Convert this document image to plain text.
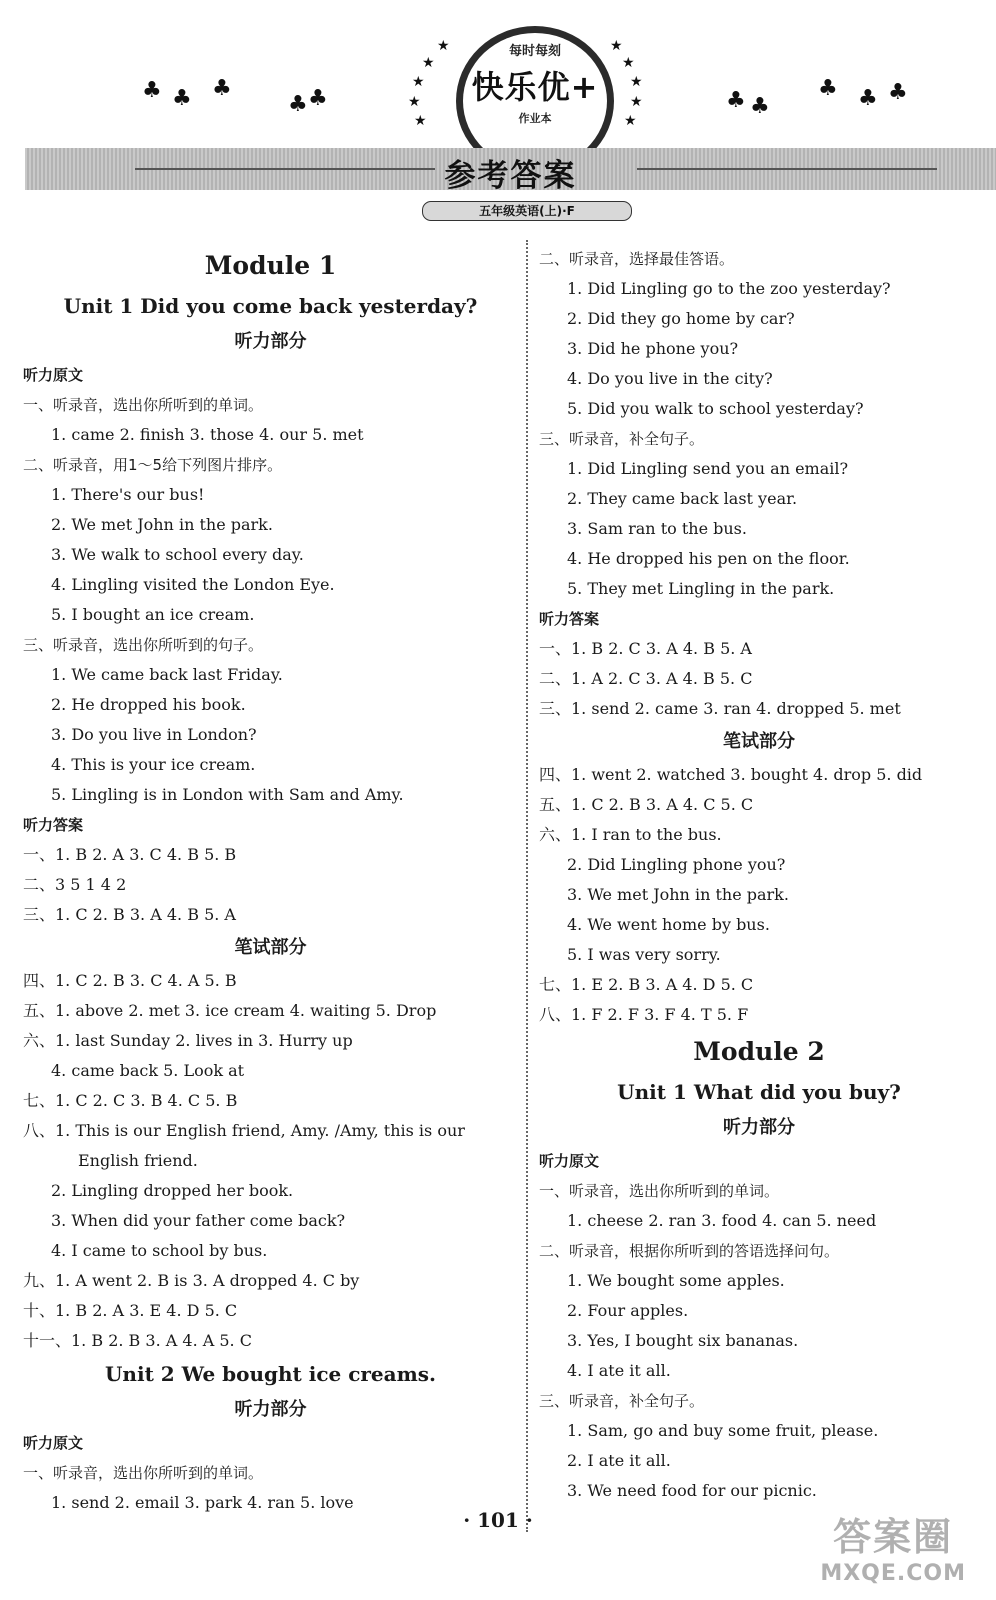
♣ ♣ ♣
♣ ♣	♣ ♣
♣ ♣ ♣
★
★
★
★
★
★
★
★
★
★
每时每刻
快乐优+
作业本
参考答案
五年级英语(上)·F
Module 1
Unit 1 Did you come back yesterday?
听力部分
听力原文
一、听录音，选出你所听到的单词。
1. came 2. finish 3. those 4. our 5. met
二、听录音，用1～5给下列图片排序。
1. There's our bus!
2. We met John in the park.
3. We walk to school every day.
4. Lingling visited the London Eye.
5. I bought an ice cream.
三、听录音，选出你所听到的句子。
1. We came back last Friday.
2. He dropped his book.
3. Do you live in London?
4. This is your ice cream.
5. Lingling is in London with Sam and Amy.
听力答案
一、1. B 2. A 3. C 4. B 5. B
二、3 5 1 4 2
三、1. C 2. B 3. A 4. B 5. A
笔试部分
四、1. C 2. B 3. C 4. A 5. B
五、1. above 2. met 3. ice cream 4. waiting 5. Drop
六、1. last Sunday 2. lives in 3. Hurry up
4. came back 5. Look at
七、1. C 2. C 3. B 4. C 5. B
八、1. This is our English friend, Amy. /Amy, this is our
English friend.
2. Lingling dropped her book.
3. When did your father come back?
4. I came to school by bus.
九、1. A went 2. B is 3. A dropped 4. C by
十、1. B 2. A 3. E 4. D 5. C
十一、1. B 2. B 3. A 4. A 5. C
Unit 2 We bought ice creams.
听力部分
听力原文
一、听录音，选出你所听到的单词。
1. send 2. email 3. park 4. ran 5. love
二、听录音，选择最佳答语。
1. Did Lingling go to the zoo yesterday?
2. Did they go home by car?
3. Did he phone you?
4. Do you live in the city?
5. Did you walk to school yesterday?
三、听录音，补全句子。
1. Did Lingling send you an email?
2. They came back last year.
3. Sam ran to the bus.
4. He dropped his pen on the floor.
5. They met Lingling in the park.
听力答案
一、1. B 2. C 3. A 4. B 5. A
二、1. A 2. C 3. A 4. B 5. C
三、1. send 2. came 3. ran 4. dropped 5. met
笔试部分
四、1. went 2. watched 3. bought 4. drop 5. did
五、1. C 2. B 3. A 4. C 5. C
六、1. I ran to the bus.
2. Did Lingling phone you?
3. We met John in the park.
4. We went home by bus.
5. I was very sorry.
七、1. E 2. B 3. A 4. D 5. C
八、1. F 2. F 3. F 4. T 5. F
Module 2
Unit 1 What did you buy?
听力部分
听力原文
一、听录音，选出你所听到的单词。
1. cheese 2. ran 3. food 4. can 5. need
二、听录音，根据你所听到的答语选择问句。
1. We bought some apples.
2. Four apples.
3. Yes, I bought six bananas.
4. I ate it all.
三、听录音，补全句子。
1. Sam, go and buy some fruit, please.
2. I ate it all.
3. We need food for our picnic.
· 101 ·	答案圈
MXQE.COM
